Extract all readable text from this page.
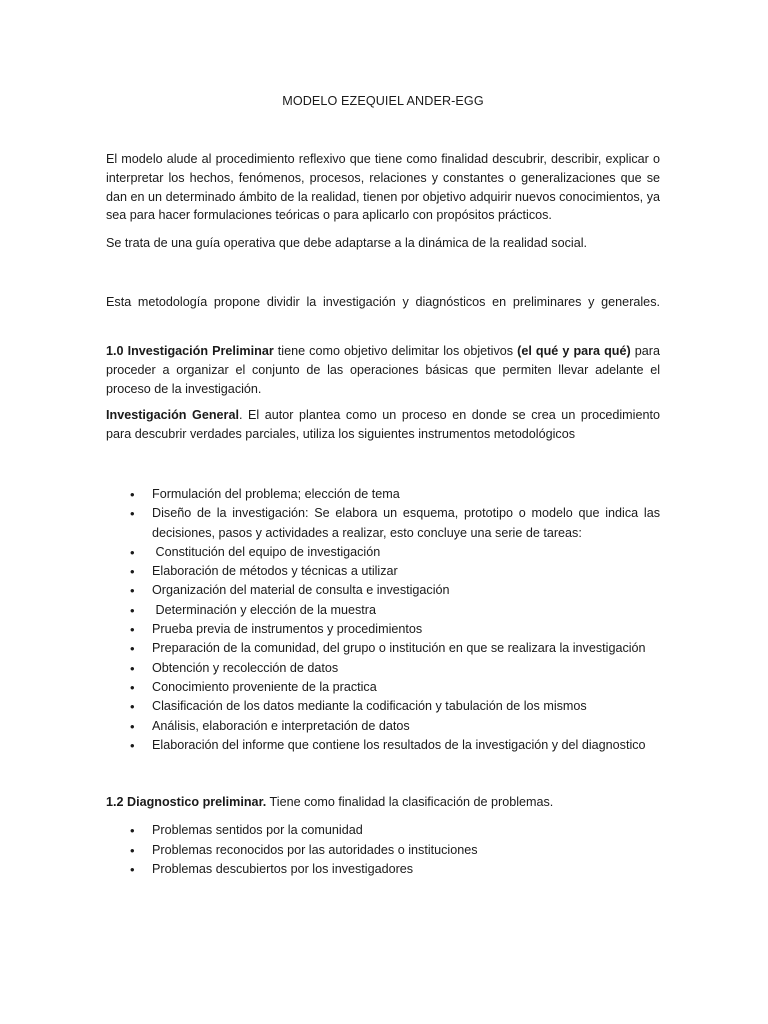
MODELO EZEQUIEL ANDER-EGG

El modelo alude al procedimiento reflexivo que tiene como finalidad descubrir, describir, explicar o interpretar los hechos, fenómenos, procesos, relaciones y constantes o generalizaciones que se dan en un determinado ámbito de la realidad, tienen por objetivo adquirir nuevos conocimientos, ya sea para hacer formulaciones teóricas o para aplicarlo con propósitos prácticos.

Se trata de una guía operativa que debe adaptarse a la dinámica de la realidad social.

Esta metodología propone dividir la investigación y diagnósticos en preliminares y generales.

1.0 Investigación Preliminar tiene como objetivo delimitar los objetivos (el qué y para qué) para proceder a organizar el conjunto de las operaciones básicas que permiten llevar adelante el proceso de la investigación.

Investigación General. El autor plantea como un proceso en donde se crea un procedimiento para descubrir verdades parciales, utiliza los siguientes instrumentos metodológicos

• Formulación del problema; elección de tema
• Diseño de la investigación: Se elabora un esquema, prototipo o modelo que indica las decisiones, pasos y actividades a realizar, esto concluye una serie de tareas:
• Constitución del equipo de investigación
• Elaboración de métodos y técnicas a utilizar
• Organización del material de consulta e investigación
• Determinación y elección de la muestra
• Prueba previa de instrumentos y procedimientos
• Preparación de la comunidad, del grupo o institución en que se realizara la investigación
• Obtención y recolección de datos
• Conocimiento proveniente de la practica
• Clasificación de los datos mediante la codificación y tabulación de los mismos
• Análisis, elaboración e interpretación de datos
• Elaboración del informe que contiene los resultados de la investigación y del diagnostico

1.2 Diagnostico preliminar. Tiene como finalidad la clasificación de problemas.

• Problemas sentidos por la comunidad
• Problemas reconocidos por las autoridades o instituciones
• Problemas descubiertos por los investigadores
